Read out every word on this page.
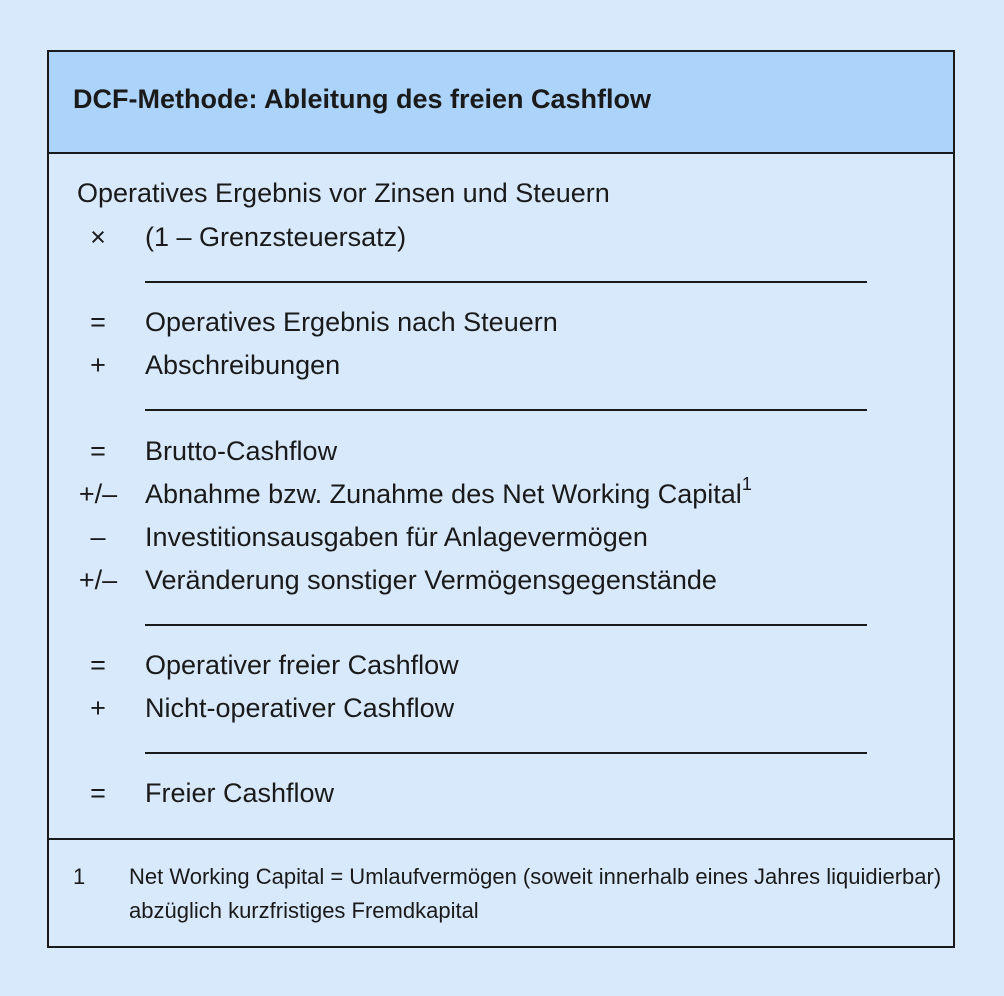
DCF-Methode: Ableitung des freien Cashflow
Operatives Ergebnis vor Zinsen und Steuern
×	(1 – Grenzsteuersatz)
=	Operatives Ergebnis nach Steuern
+	Abschreibungen
=	Brutto-Cashflow
+/– Abnahme bzw. Zunahme des Net Working Capital$^1$
–	Investitionsausgaben für Anlagevermögen
+/– Veränderung sonstiger Vermögensgegenstände
=	Operativer freier Cashflow
+	Nicht-operativer Cashflow
=	Freier Cashflow
1 Net Working Capital = Umlaufvermögen (soweit innerhalb eines Jahres liquidierbar) abzüglich kurzfristiges Fremdkapital
